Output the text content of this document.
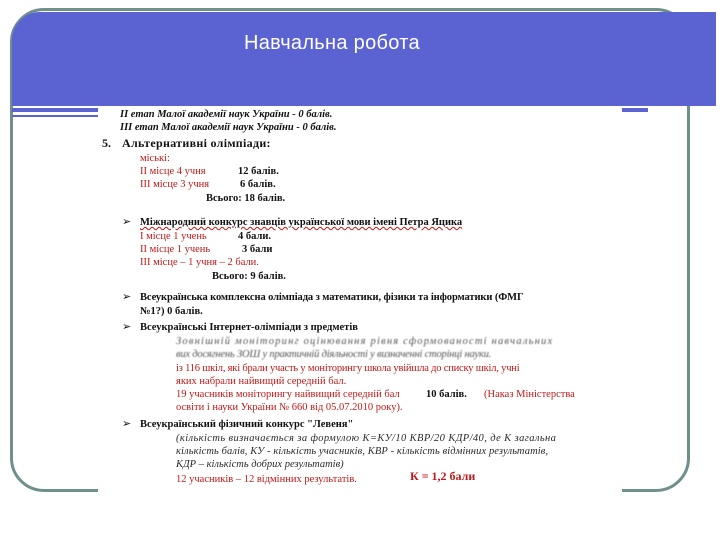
Навчальна робота
ІІ етап Малої академії наук України - 0 балів.
ІІІ етап Малої академії наук України - 0 балів.
5. Альтернативні олімпіади:
міські:
ІІ місце 4 учня	12 балів.
ІІІ місце 3 учня	6 балів.
Всього: 18 балів.
➢ Міжнародний конкурс знавців української мови імені Петра Яцика
І місце 1 учень	4 бали.
ІІ місце 1 учень	3 бали
ІІІ місце – 1 учня – 2 бали.
Всього: 9 балів.
➢ Всеукраїнська комплексна олімпіада з математики, фізики та інформатики (ФМГ
№1?) 0 балів.
➢ Всеукраїнські Інтернет-олімпіади з предметів
Зовнішній моніторинг оцінювання рівня сформованості навчальних
вих досягнень ЗОШ у практичній діяльності у визначенні сторінці науки.
із 116 шкіл, які брали участь у моніторингу школа увійшла до списку шкіл, учні
яких набрали найвищий середній бал.
19 учасників моніторингу найвищий середній бал	10 балів. (Наказ Міністерства
освіти і науки України № 660 від 05.07.2010 року).
➢ Всеукраїнський фізичний конкурс "Левеня"
(кількість визначається за формулою К=КУ/10 КВР/20 КДР/40, де К загальна
кількість балів, КУ - кількість учасників, КВР - кількість відмінних результатів,
КДР – кількість добрих результатів)
12 учасників – 12 відмінних результатів.	К = 1,2 бали
